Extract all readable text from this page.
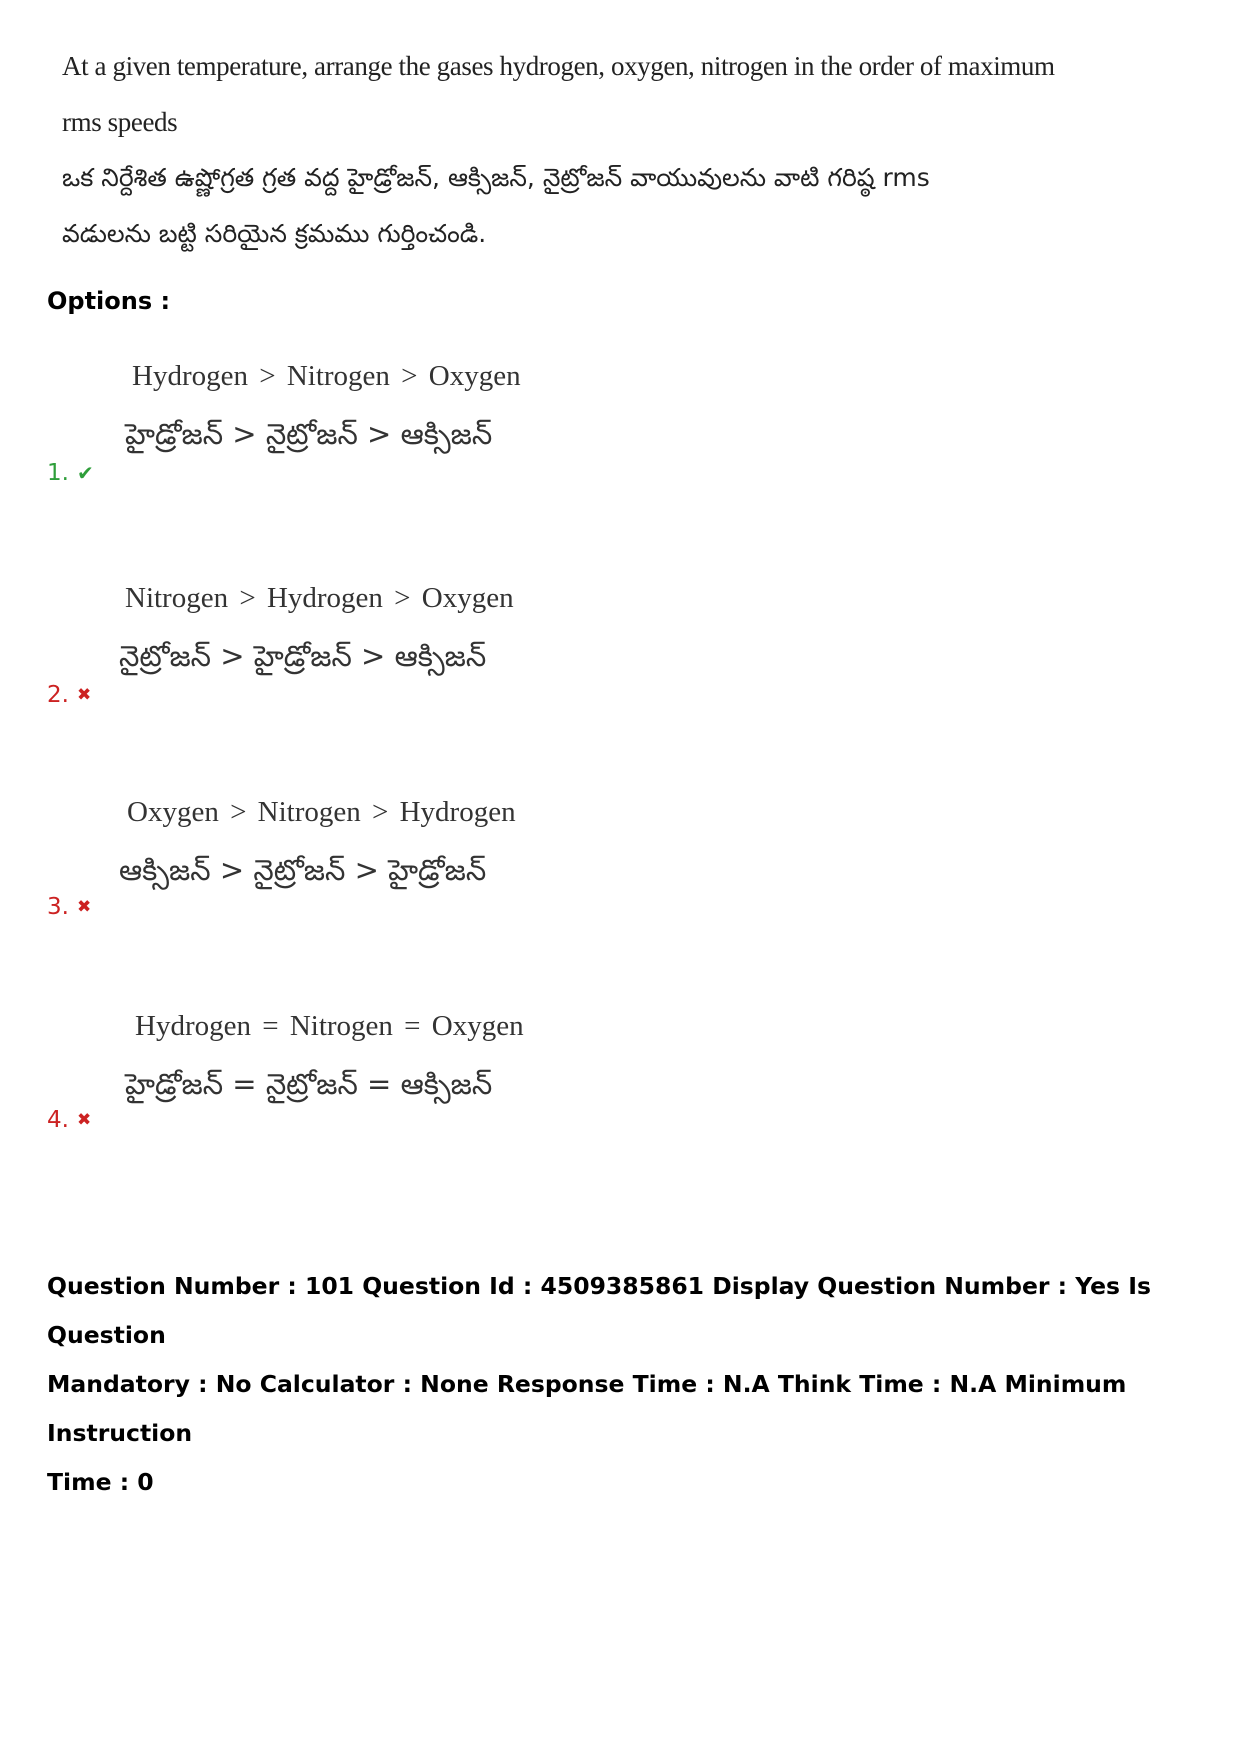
At a given temperature, arrange the gases hydrogen, oxygen, nitrogen in the order of maximum
rms speeds
ఒక నిర్దేశిత ఉష్ణోగ్రత గ్రత వద్ద హైడ్రోజన్, ఆక్సిజన్, నైట్రోజన్ వాయువులను వాటి గరిష్ఠ rms
వడులను బట్టి సరియైన క్రమము గుర్తించండి.
Options :
Hydrogen > Nitrogen > Oxygen
హైడ్రోజన్ > నైట్రోజన్ > ఆక్సిజన్
1. ✔
Nitrogen > Hydrogen > Oxygen
నైట్రోజన్ > హైడ్రోజన్ > ఆక్సిజన్
2. ✖
Oxygen > Nitrogen > Hydrogen
ఆక్సిజన్ > నైట్రోజన్ > హైడ్రోజన్
3. ✖
Hydrogen = Nitrogen = Oxygen
హైడ్రోజన్ = నైట్రోజన్ = ఆక్సిజన్
4. ✖
Question Number : 101 Question Id : 4509385861 Display Question Number : Yes Is Question
Mandatory : No Calculator : None Response Time : N.A Think Time : N.A Minimum Instruction
Time : 0
